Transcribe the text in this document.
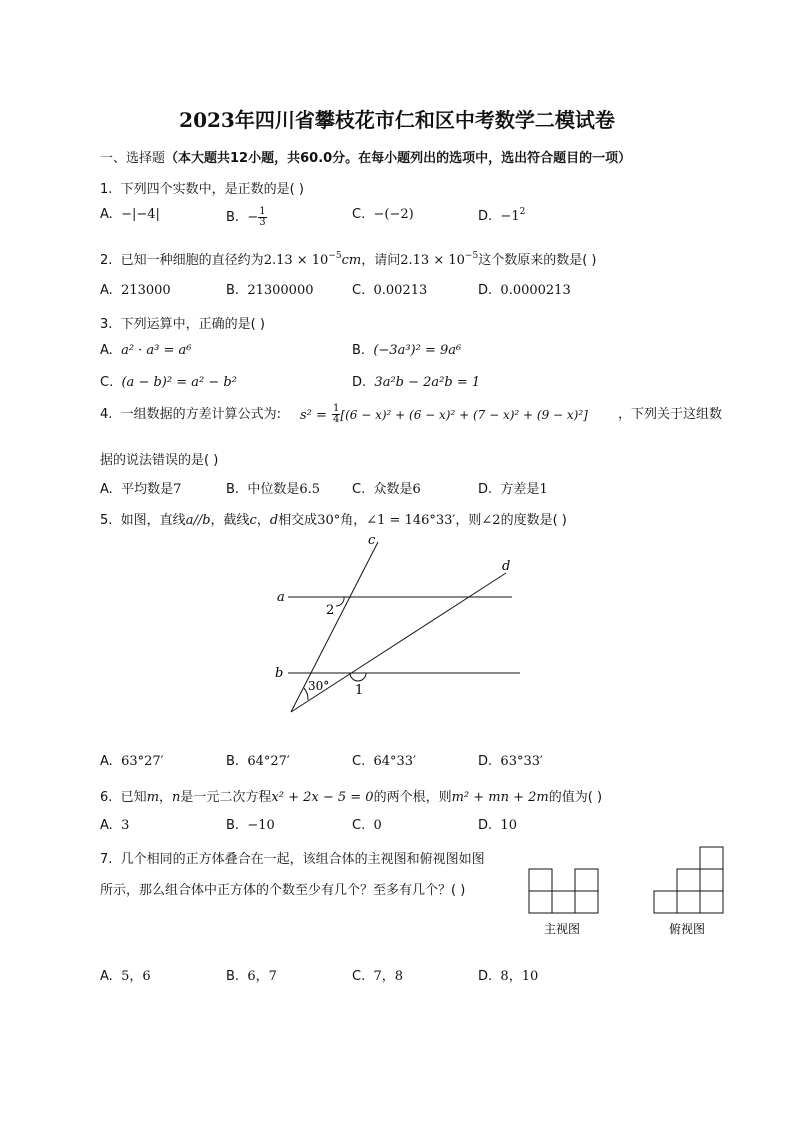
2023年四川省攀枝花市仁和区中考数学二模试卷
一、选择题（本大题共12小题，共60.0分。在每小题列出的选项中，选出符合题目的一项）
1. 下列四个实数中，是正数的是( )
A. −|−4|	B. − $\frac{1}{3}$	C. −(−2)	D. $-1^2$
2. 已知一种细胞的直径约为$2.13 \times 10^{-5}cm$，请问$2.13 \times 10^{-5}$这个数原来的数是( )
A. 213000	B. 21300000	C. 0.00213	D. 0.0000213
3. 下列运算中，正确的是( )
A. a² · a³ = a⁶	B. (−3a³)² = 9a⁶
C. (a − b)² = a² − b²	D. 3a²b − 2a²b = 1
4. 一组数据的方差计算公式为: $s^2 = \frac{1}{4} [(6 - x)^2 + (6 - x)^2 + (7 - x)^2 + (9 - x)^2]$ ，下列关于这组数
据的说法错误的是( )
A. 平均数是7	B. 中位数是6.5 C. 众数是6	D. 方差是1
5. 如图，直线a//b，截线c，d相交成30°角，∠1 = 146°33′，则∠2的度数是( )
a
b
c
d
2
1
30°
A. 63°27′	B. 64°27′	C. 64°33′	D. 63°33′
6. 已知m，n是一元二次方程x² + 2x − 5 = 0的两个根，则m² + mn + 2m的值为( )
A. 3	B. −10	C. 0	D. 10
7. 几个相同的正方体叠合在一起，该组合体的主视图和俯视图如图
所示，那么组合体中正方体的个数至少有几个？至多有几个？( )
主视图	俯视图
A. 5，6	B. 6，7	C. 7，8	D. 8，10
